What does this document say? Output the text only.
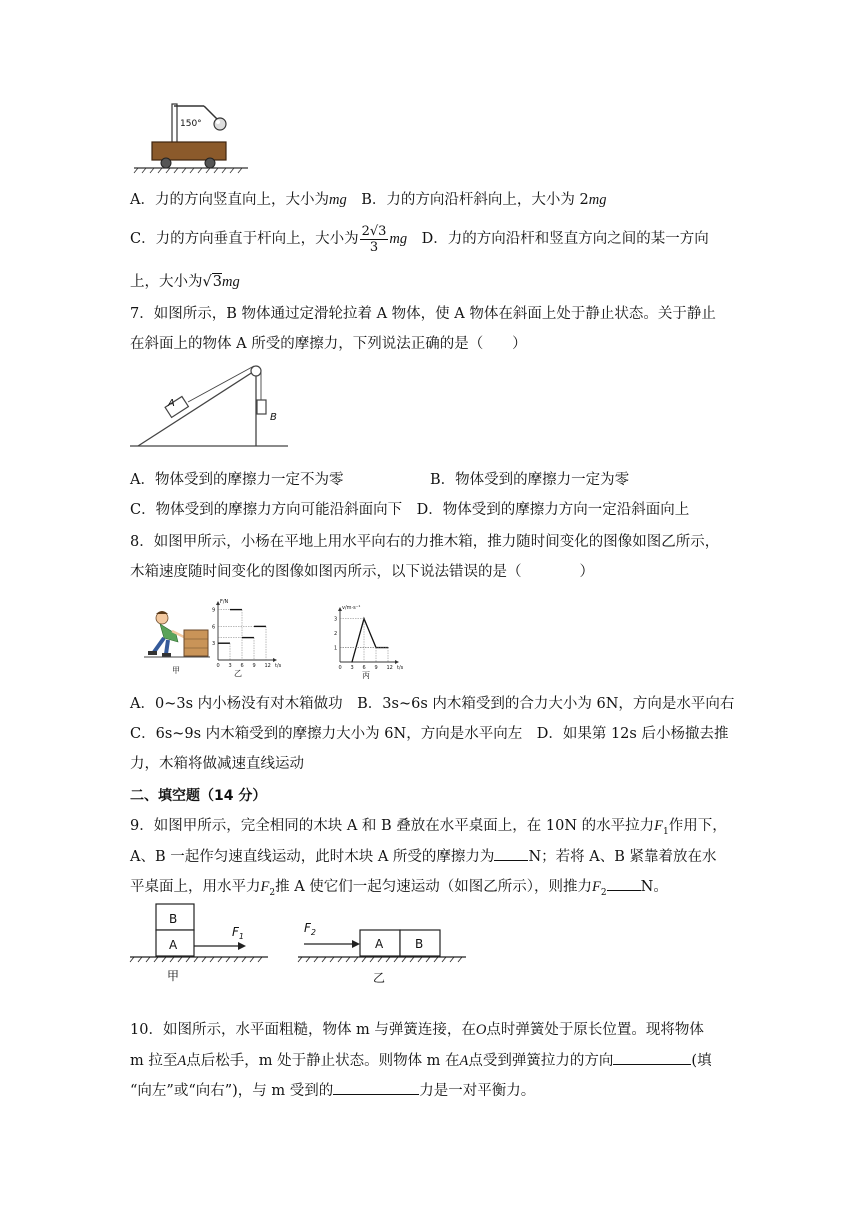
150°
A．力的方向竖直向上，大小为mg　 B．力的方向沿杆斜向上，大小为 2mg
C．力的方向垂直于杆向上，大小为 $\frac{2√3}{3}$ mg　 D．力的方向沿杆和竖直方向之间的某一方向
上，大小为√3mg
7．如图所示，B 物体通过定滑轮拉着 A 物体，使 A 物体在斜面上处于静止状态。关于静止
在斜面上的物体 A 所受的摩擦力，下列说法正确的是（　　）
A
B
A．物体受到的摩擦力一定不为零	B．物体受到的摩擦力一定为零
C．物体受到的摩擦力方向可能沿斜面向下　 D．物体受到的摩擦力方向一定沿斜面向上
8．如图甲所示，小杨在平地上用水平向右的力推木箱，推力随时间变化的图像如图乙所示，
木箱速度随时间变化的图像如图丙所示，以下说法错误的是（　　　　）
甲
F/N
t/s
0 3 6 9 12
3
6
9
乙
v/m·s⁻¹
t/s
0 3 6 9 12
1
2
3
丙
A．0~3s 内小杨没有对木箱做功　B．3s~6s 内木箱受到的合力大小为 6N，方向是水平向右
C．6s~9s 内木箱受到的摩擦力大小为 6N，方向是水平向左　D．如果第 12s 后小杨撤去推
力，木箱将做减速直线运动
二、填空题（14 分）
9．如图甲所示，完全相同的木块 A 和 B 叠放在水平桌面上，在 10N 的水平拉力$F_1$作用下，
A、B 一起作匀速直线运动，此时木块 A 所受的摩擦力为 N；若将 A、B 紧靠着放在水
平桌面上，用水平力$F_2$推 A 使它们一起匀速运动（如图乙所示），则推力$F_2$ N。
B
A
$F_1$
甲
$F_2$
A	B
乙
10．如图所示，水平面粗糙，物体 m 与弹簧连接，在O点时弹簧处于原长位置。现将物体
m 拉至A点后松手，m 处于静止状态。则物体 m 在A点受到弹簧拉力的方向	(填
“向左”或“向右”)，与 m 受到的	力是一对平衡力。
